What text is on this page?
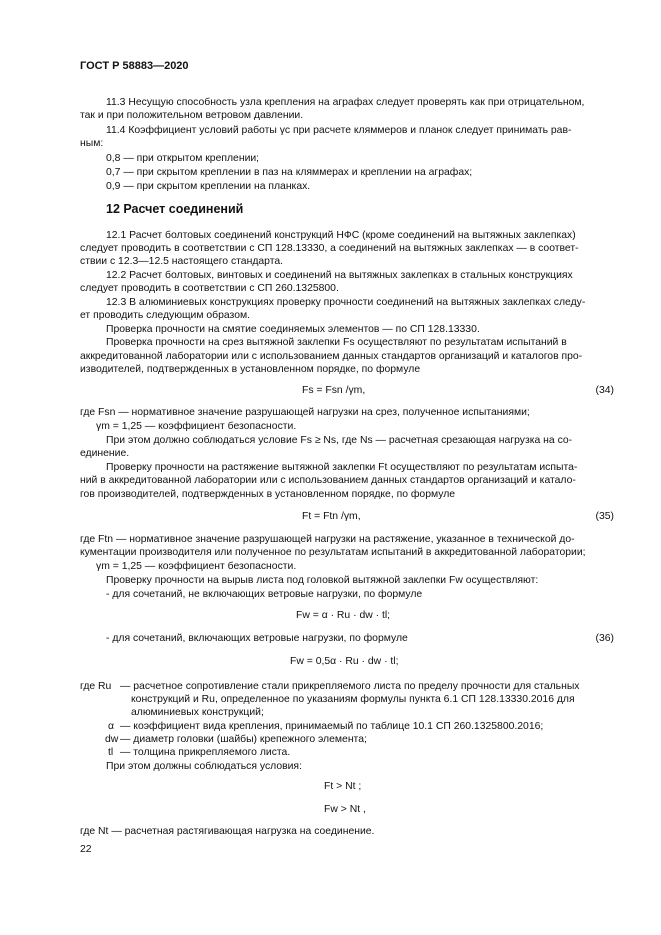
ГОСТ Р 58883—2020
11.3 Несущую способность узла крепления на аграфах следует проверять как при отрицательном,
так и при положительном ветровом давлении.
11.4 Коэффициент условий работы γc при расчете кляммеров и планок следует принимать рав-
ным:
0,8 — при открытом креплении;
0,7 — при скрытом креплении в паз на кляммерах и креплении на аграфах;
0,9 — при скрытом креплении на планках.
12 Расчет соединений
12.1 Расчет болтовых соединений конструкций НФС (кроме соединений на вытяжных заклепках)
следует проводить в соответствии с СП 128.13330, а соединений на вытяжных заклепках — в соответ-
ствии с 12.3—12.5 настоящего стандарта.
12.2 Расчет болтовых, винтовых и соединений на вытяжных заклепках в стальных конструкциях
следует проводить в соответствии с СП 260.1325800.
12.3 В алюминиевых конструкциях проверку прочности соединений на вытяжных заклепках следу-
ет проводить следующим образом.
Проверка прочности на смятие соединяемых элементов — по СП 128.13330.
Проверка прочности на срез вытяжной заклепки Fs осуществляют по результатам испытаний в
аккредитованной лаборатории или с использованием данных стандартов организаций и каталогов про-
изводителей, подтвержденных в установленном порядке, по формуле
Fs = Fsn /γm,	(34)
где Fsn — нормативное значение разрушающей нагрузки на срез, полученное испытаниями;
γm = 1,25 — коэффициент безопасности.
При этом должно соблюдаться условие Fs ≥ Ns, где Ns — расчетная срезающая нагрузка на со-
единение.
Проверку прочности на растяжение вытяжной заклепки Ft осуществляют по результатам испыта-
ний в аккредитованной лаборатории или с использованием данных стандартов организаций и катало-
гов производителей, подтвержденных в установленном порядке, по формуле
Ft = Ftn /γm,	(35)
где Ftn — нормативное значение разрушающей нагрузки на растяжение, указанное в технической до-
кументации производителя или полученное по результатам испытаний в аккредитованной лаборатории;
γm = 1,25 — коэффициент безопасности.
Проверку прочности на вырыв листа под головкой вытяжной заклепки Fw осуществляют:
- для сочетаний, не включающих ветровые нагрузки, по формуле
Fw = α · Ru · dw · tl;
- для сочетаний, включающих ветровые нагрузки, по формуле	(36)
Fw = 0,5α · Ru · dw · tl;
где Ru — расчетное сопротивление стали прикрепляемого листа по пределу прочности для стальных
конструкций и Ru, определенное по указаниям формулы пункта 6.1 СП 128.13330.2016 для
алюминиевых конструкций;
α — коэффициент вида крепления, принимаемый по таблице 10.1 СП 260.1325800.2016;
dw — диаметр головки (шайбы) крепежного элемента;
tl — толщина прикрепляемого листа.
При этом должны соблюдаться условия:
Ft > Nt ;
Fw > Nt ,
где Nt — расчетная растягивающая нагрузка на соединение.
22
